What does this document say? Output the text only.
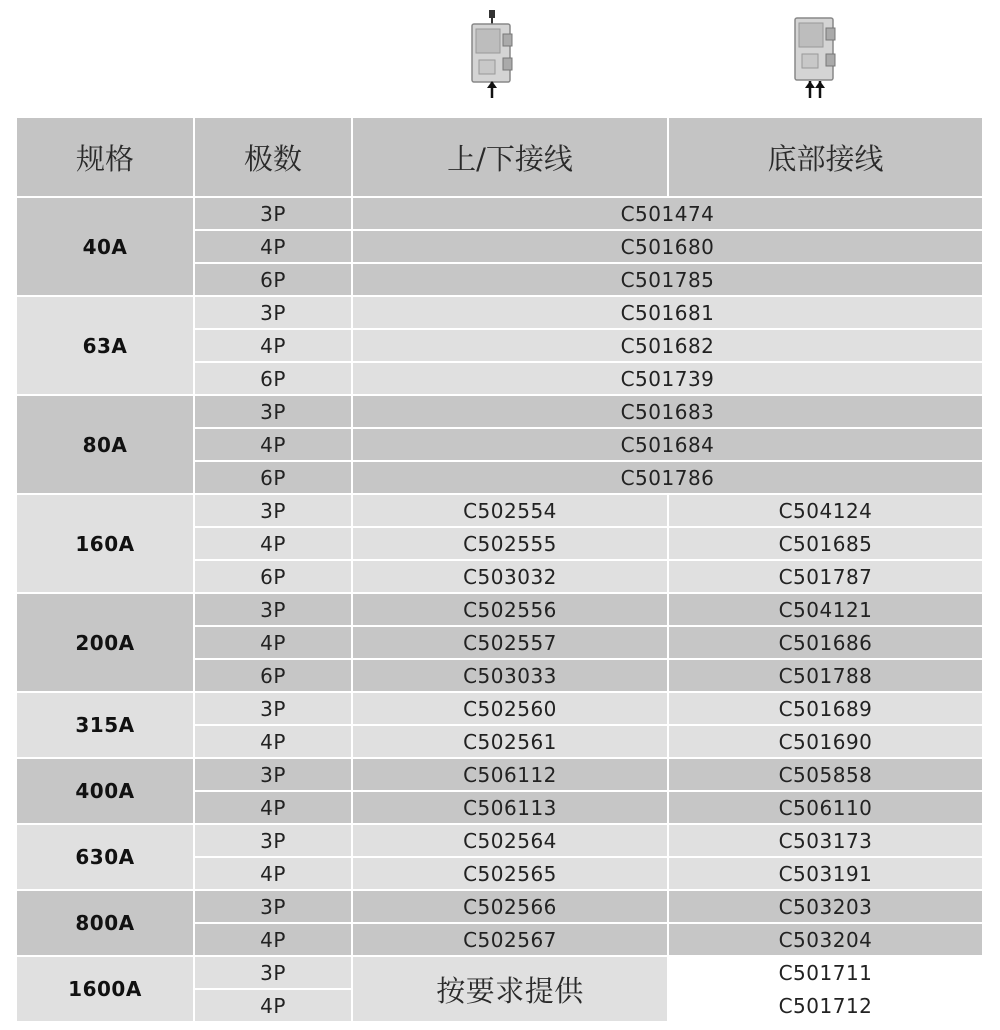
规格	极数	上/下接线	底部接线
40A	3P	C501474	
	4P	C501680	
	6P	C501785	
63A	3P	C501681	
	4P	C501682	
	6P	C501739	
80A	3P	C501683	
	4P	C501684	
	6P	C501786	
160A	3P	C502554	C504124
	4P	C502555	C501685
	6P	C503032	C501787
200A	3P	C502556	C504121
	4P	C502557	C501686
	6P	C503033	C501788
315A	3P	C502560	C501689
	4P	C502561	C501690
400A	3P	C506112	C505858
	4P	C506113	C506110
630A	3P	C502564	C503173
	4P	C502565	C503191
800A	3P	C502566	C503203
	4P	C502567	C503204
1600A	3P	按要求提供	C501711
	4P		C501712
